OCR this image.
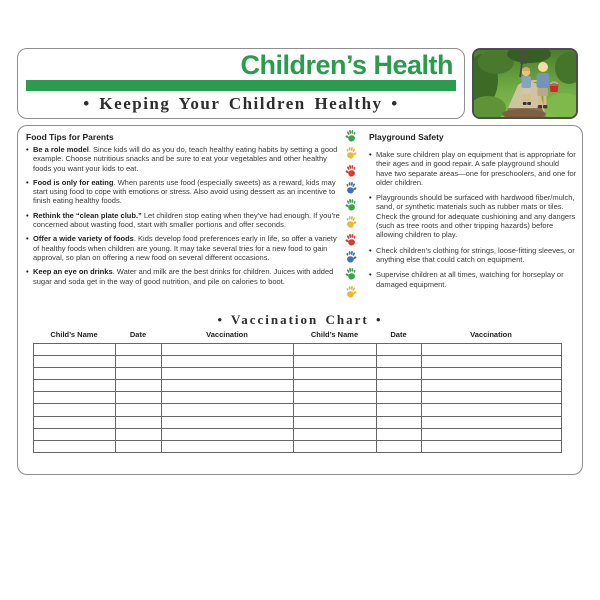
Children’s Health
• Keeping Your Children Healthy •
Food Tips for Parents
• Be a role model. Since kids will do as you do, teach healthy eating habits by setting a good example. Choose nutritious snacks and be sure to eat your vegetables and other healthy foods you want your kids to eat.

• Food is only for eating. When parents use food (especially sweets) as a reward, kids may start using food to cope with emotions or stress. Also avoid using dessert as an incentive to finish eating healthy foods.

• Rethink the “clean plate club.” Let children stop eating when they’ve had enough. If you’re concerned about wasting food, start with smaller portions and offer seconds.

• Offer a wide variety of foods. Kids develop food preferences early in life, so offer a variety of healthy foods when children are young. It may take several tries for a new food to gain approval, so plan on offering a new food on several different occasions.

• Keep an eye on drinks. Water and milk are the best drinks for children. Juices with added sugar and soda get in the way of good nutrition, and pile on calories to boot.

Playground Safety
• Make sure children play on equipment that is appropriate for their ages and in good repair. A safe playground should have two separate areas—one for preschoolers, and one for older children.

• Playgrounds should be surfaced with hardwood fiber/mulch, sand, or synthetic materials such as rubber mats or tiles. Check the ground for adequate cushioning and any dangers (such as tree roots and other tripping hazards) before allowing children to play.

• Check children’s clothing for strings, loose-fitting sleeves, or anything else that could catch on equipment.

• Supervise children at all times, watching for horseplay or damaged equipment.

• Vaccination Chart •
Child’s Name	Date	Vaccination	Child’s Name	Date	Vaccination
